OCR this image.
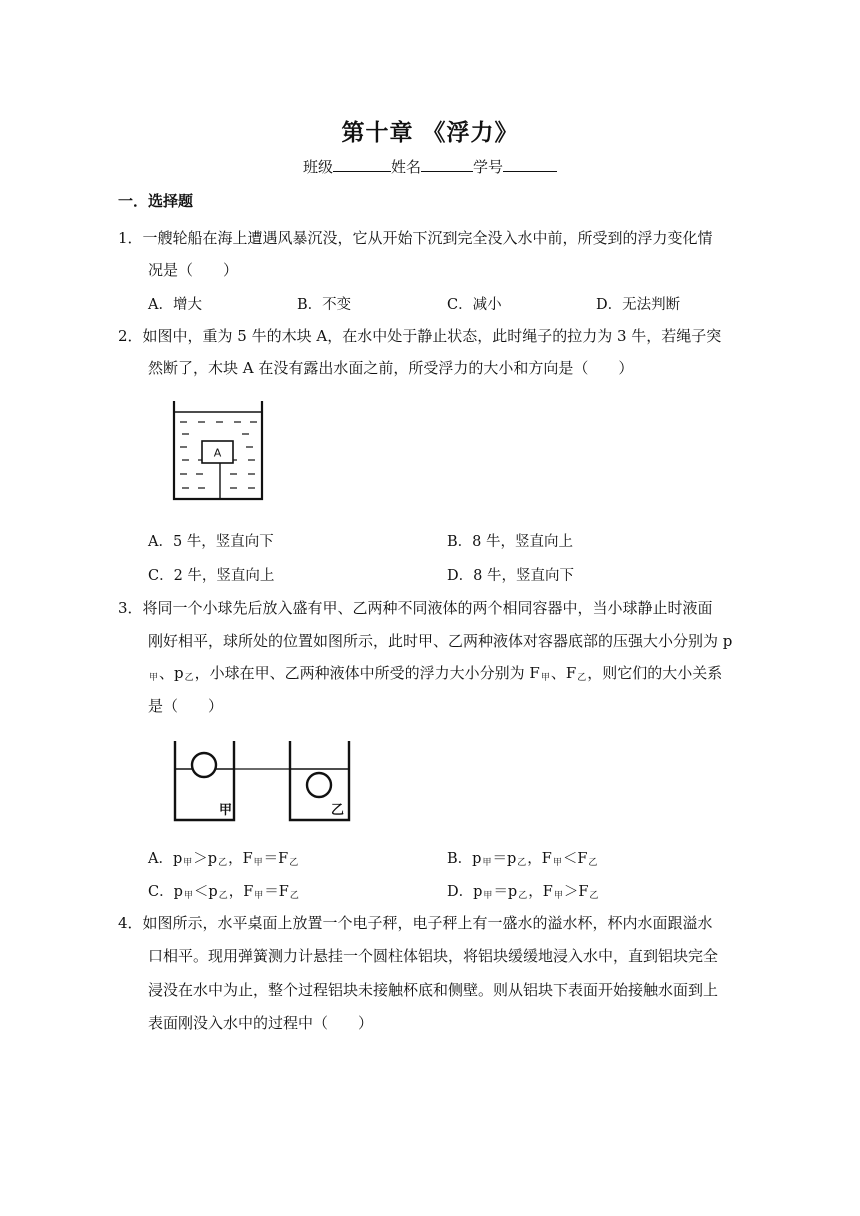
第十章 《浮力》
班级	姓名	学号
一．选择题
1．一艘轮船在海上遭遇风暴沉没，它从开始下沉到完全没入水中前，所受到的浮力变化情
况是（　　）
A．增大	B．不变	C．减小	D．无法判断
2．如图中，重为 5 牛的木块 A，在水中处于静止状态，此时绳子的拉力为 3 牛，若绳子突
然断了，木块 A 在没有露出水面之前，所受浮力的大小和方向是（　　）
A
A．5 牛，竖直向下	B．8 牛，竖直向上
C．2 牛，竖直向上	D．8 牛，竖直向下
3．将同一个小球先后放入盛有甲、乙两种不同液体的两个相同容器中，当小球静止时液面
刚好相平，球所处的位置如图所示，此时甲、乙两种液体对容器底部的压强大小分别为 p
$_甲$、$p_乙$，小球在甲、乙两种液体中所受的浮力大小分别为 $F_甲$、$F_乙$，则它们的大小关系
是（　　）
甲	乙
A．$p_甲>p_乙$，$F_甲=F_乙$	B．$p_甲=p_乙$，$F_甲<F_乙$
C．$p_甲<p_乙$，$F_甲=F_乙$	D．$p_甲=p_乙$，$F_甲>F_乙$
4．如图所示，水平桌面上放置一个电子秤，电子秤上有一盛水的溢水杯，杯内水面跟溢水
口相平。现用弹簧测力计悬挂一个圆柱体铝块，将铝块缓缓地浸入水中，直到铝块完全
浸没在水中为止，整个过程铝块未接触杯底和侧壁。则从铝块下表面开始接触水面到上
表面刚没入水中的过程中（　　）
